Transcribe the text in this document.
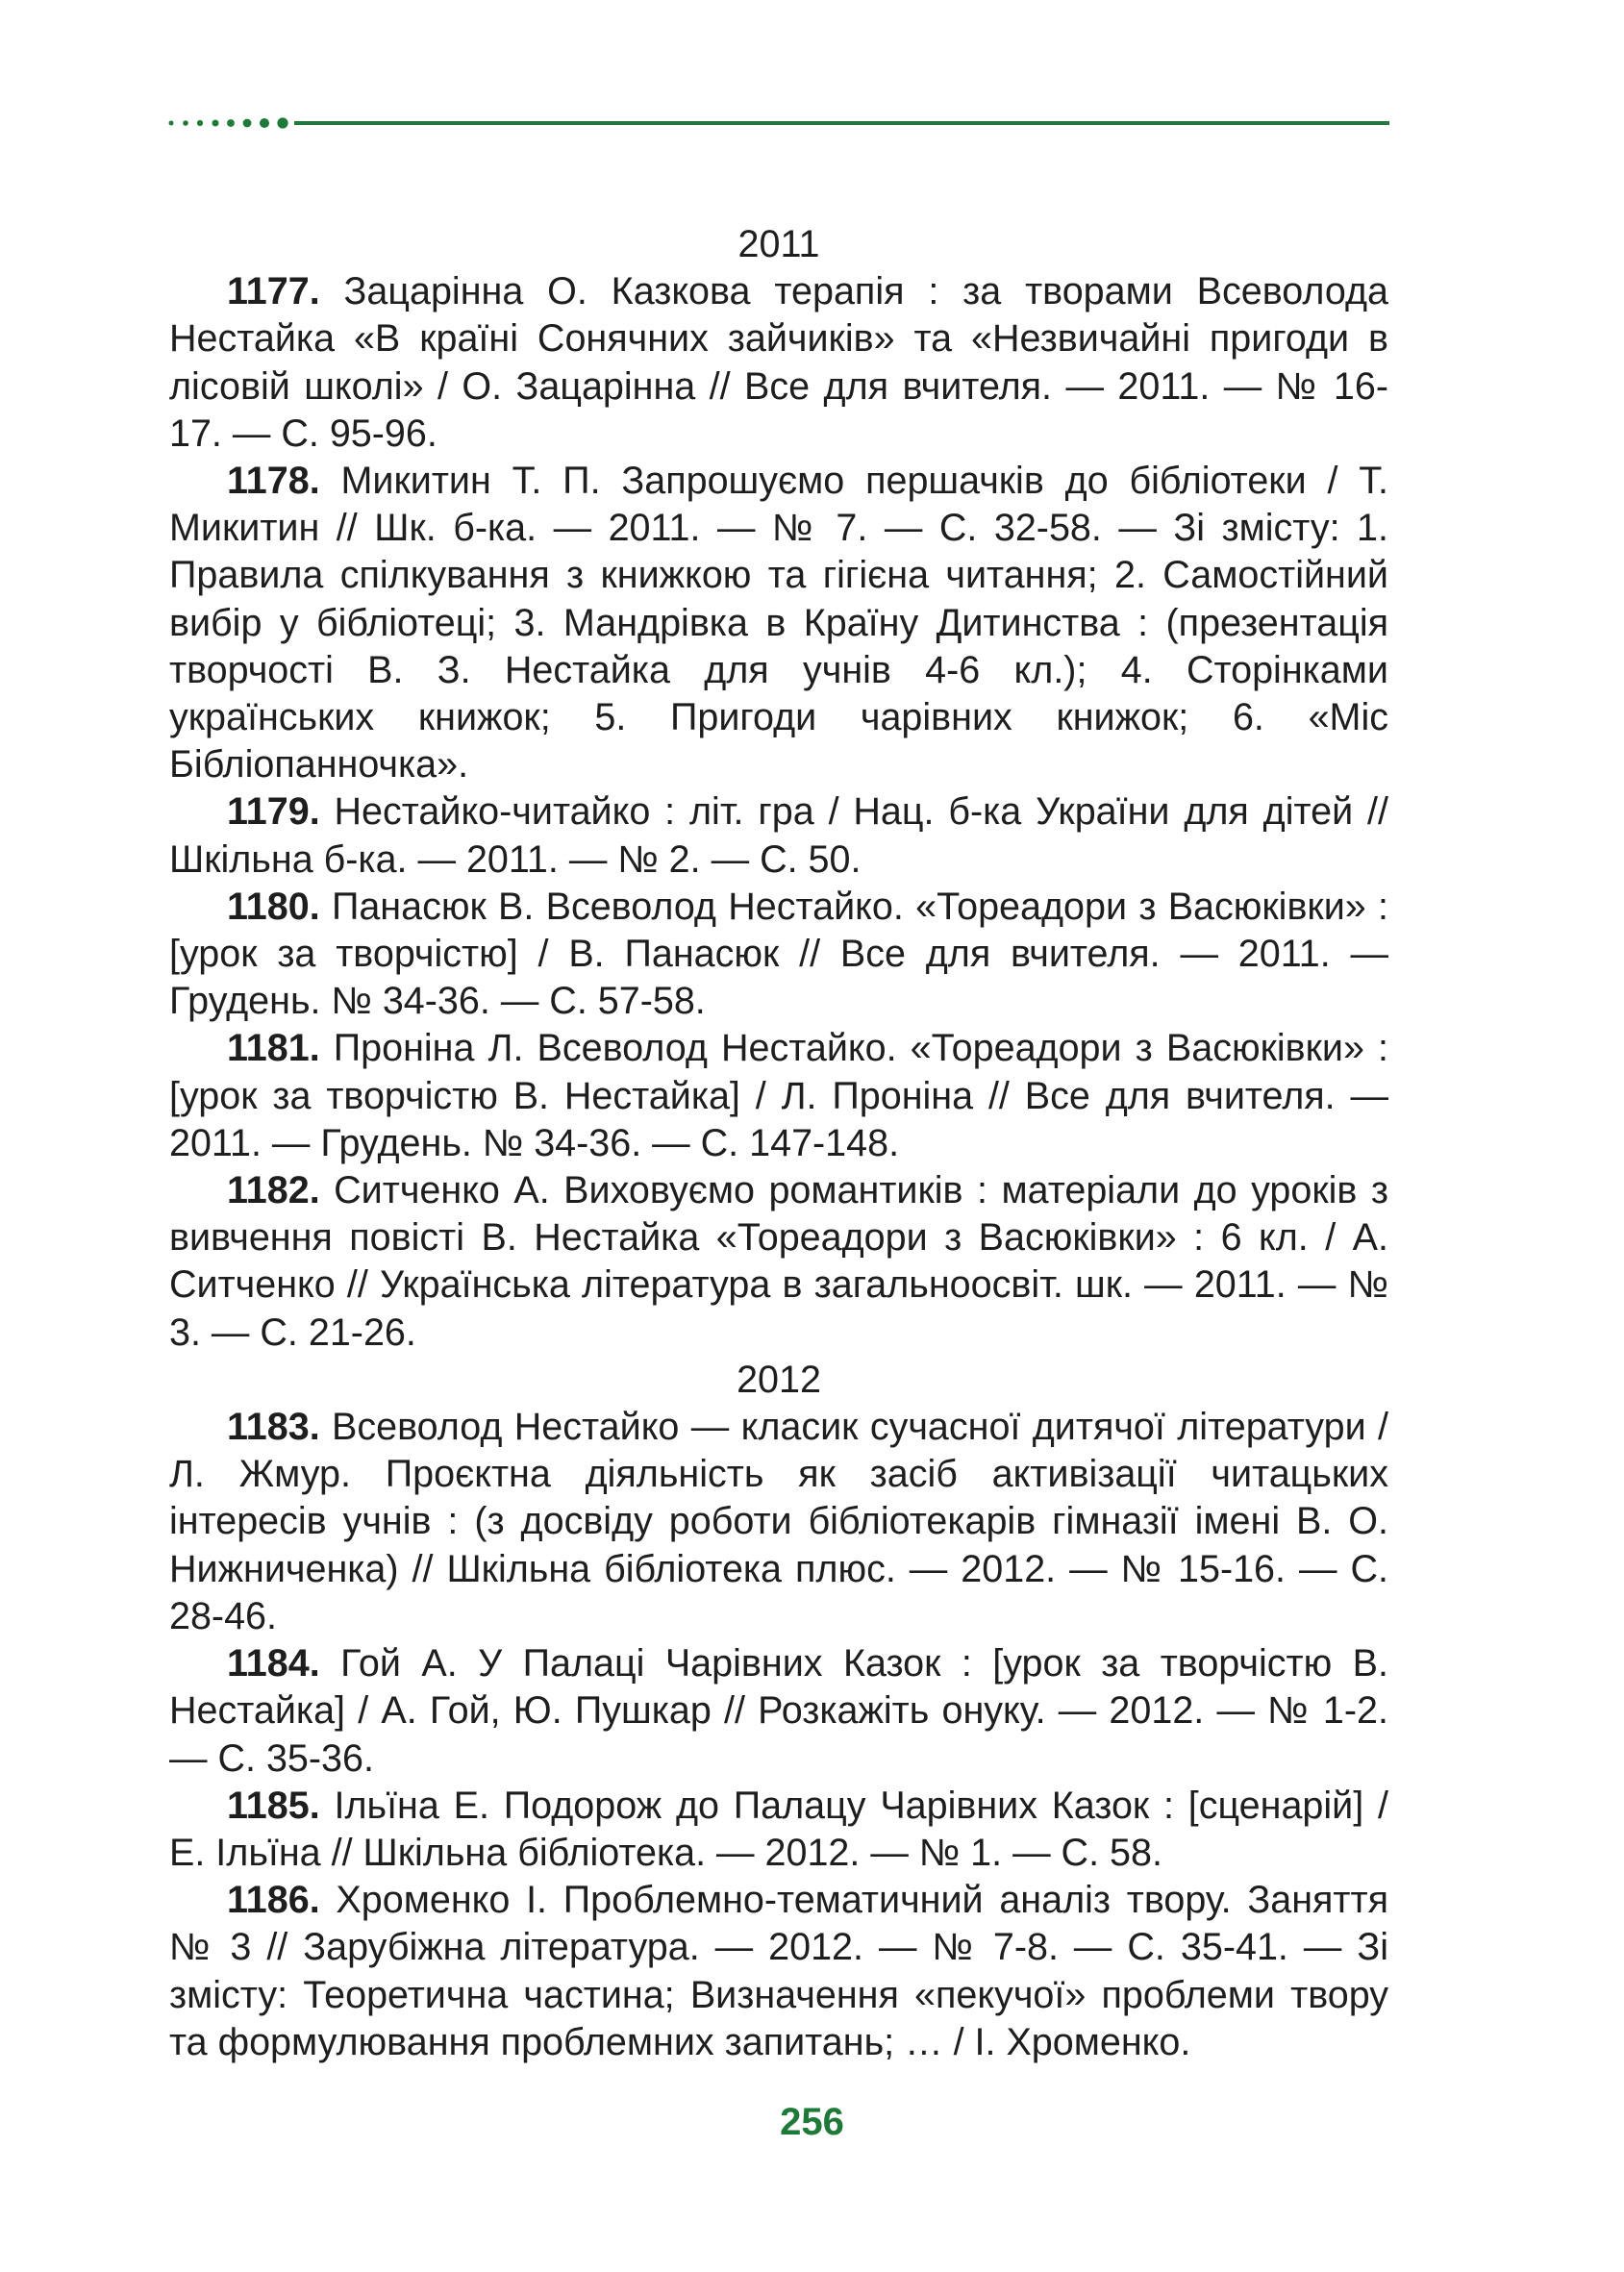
2011

1177. Зацарінна О. Казкова терапія : за творами Всеволода Нестайка «В країні Сонячних зайчиків» та «Незвичайні пригоди в лісовій школі» / О. Зацарінна // Все для вчителя. — 2011. — № 16-17. — С. 95-96.

1178. Микитин Т. П. Запрошуємо першачків до бібліотеки / Т. Микитин // Шк. б-ка. — 2011. — № 7. — С. 32-58. — Зі змісту: 1. Правила спілкування з книжкою та гігієна читання; 2. Самостійний вибір у бібліотеці; 3. Мандрівка в Країну Дитинства : (презентація творчості В. З. Нестайка для учнів 4-6 кл.); 4. Сторінками українських книжок; 5. Пригоди чарівних книжок; 6. «Міс Бібліопанночка».

1179. Нестайко-читайко : літ. гра / Нац. б-ка України для дітей // Шкільна б-ка. — 2011. — № 2. — С. 50.

1180. Панасюк В. Всеволод Нестайко. «Тореадори з Васюківки» : [урок за творчістю] / В. Панасюк // Все для вчителя. — 2011. — Грудень. № 34-36. — С. 57-58.

1181. Проніна Л. Всеволод Нестайко. «Тореадори з Васюківки» : [урок за творчістю В. Нестайка] / Л. Проніна // Все для вчителя. — 2011. — Грудень. № 34-36. — С. 147-148.

1182. Ситченко А. Виховуємо романтиків : матеріали до уроків з вивчення повісті В. Нестайка «Тореадори з Васюківки» : 6 кл. / А. Ситченко // Українська література в загальноосвіт. шк. — 2011. — № 3. — С. 21-26.

2012

1183. Всеволод Нестайко — класик сучасної дитячої літератури / Л. Жмур. Проєктна діяльність як засіб активізації читацьких інтересів учнів : (з досвіду роботи бібліотекарів гімназії імені В. О. Нижниченка) // Шкільна бібліотека плюс. — 2012. — № 15-16. — С. 28-46.

1184. Гой А. У Палаці Чарівних Казок : [урок за творчістю В. Нестайка] / А. Гой, Ю. Пушкар // Розкажіть онуку. — 2012. — № 1-2. — С. 35-36.

1185. Ільїна Е. Подорож до Палацу Чарівних Казок : [сценарій] / Е. Ільїна // Шкільна бібліотека. — 2012. — № 1. — С. 58.

1186. Хроменко І. Проблемно-тематичний аналіз твору. Заняття № 3 // Зарубіжна література. — 2012. — № 7-8. — С. 35-41. — Зі змісту: Теоретична частина; Визначення «пекучої» проблеми твору та формулювання проблемних запитань; … / І. Хроменко.

256
